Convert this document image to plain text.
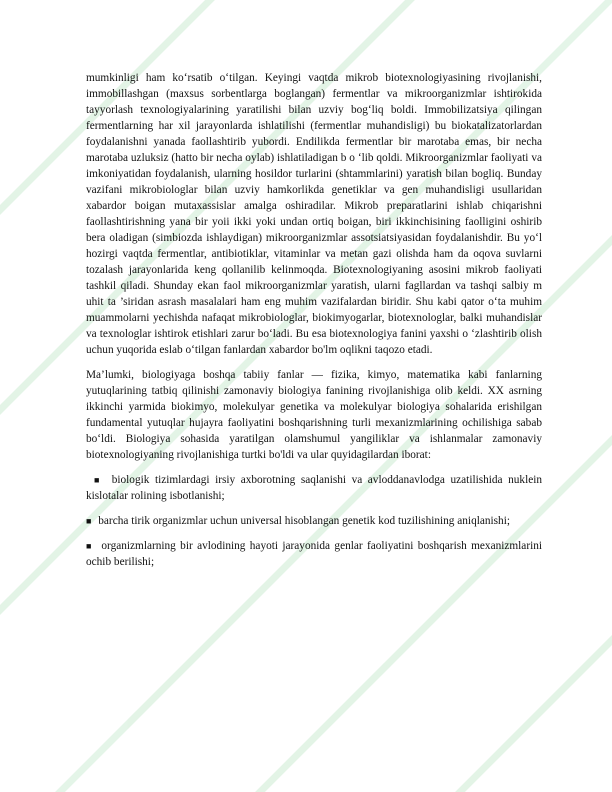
mumkinligi ham ko‘rsatib o‘tilgan. Keyingi vaqtda mikrob biotexnologiyasining rivojlanishi, immobillashgan (maxsus sorbentlarga boglangan) fermentlar va mikroorganizmlar ishtirokida tayyorlash texnologiyalarining yaratilishi bilan uzviy bog‘liq boldi. Immobilizatsiya qilingan fermentlarning har xil jarayonlarda ishlatilishi (fermentlar muhandisligi) bu biokatalizatorlardan foydalanishni yanada faollashtirib yubordi. Endilikda fermentlar bir marotaba emas, bir necha marotaba uzluksiz (hatto bir necha oylab) ishlatiladigan b o ‘lib qoldi. Mikroorganizmlar faoliyati va imkoniyatidan foydalanish, ularning hosildor turlarini (shtammlarini) yaratish bilan bogliq. Bunday vazifani mikrobiologlar bilan uzviy hamkorlikda genetiklar va gen muhandisligi usullaridan xabardor boigan mutaxassislar amalga oshiradilar. Mikrob preparatlarini ishlab chiqarishni faollashtirishning yana bir yoii ikki yoki undan ortiq boigan, biri ikkinchisining faolligini oshirib bera oladigan (simbiozda ishlaydigan) mikroorganizmlar assotsiatsiyasidan foydalanishdir. Bu yo‘l hozirgi vaqtda fermentlar, antibiotiklar, vitaminlar va metan gazi olishda ham da oqova suvlarni tozalash jarayonlarida keng qollanilib kelinmoqda. Biotexnologiyaning asosini mikrob faoliyati tashkil qiladi. Shunday ekan faol mikroorganizmlar yaratish, ularni fagllardan va tashqi salbiy m uhit ta ’siridan asrash masalalari ham eng muhim vazifalardan biridir. Shu kabi qator o‘ta muhim muammolarni yechishda nafaqat mikrobiologlar, biokimyogarlar, biotexnologlar, balki muhandislar va texnologlar ishtirok etishlari zarur bo‘ladi. Bu esa biotexnologiya fanini yaxshi o ‘zlashtirib olish uchun yuqorida eslab o‘tilgan fanlardan xabardor bo'lm oqlikni taqozo etadi.

Ma’lumki, biologiyaga boshqa tabiiy fanlar — fizika, kimyo, matematika kabi fanlarning yutuqlarining tatbiq qilinishi zamonaviy biologiya fanining rivojlanishiga olib keldi. XX asrning ikkinchi yarmida biokimyo, molekulyar genetika va molekulyar biologiya sohalarida erishilgan fundamental yutuqlar hujayra faoliyatini boshqarishning turli mexanizmlarining ochilishiga sabab bo‘ldi. Biologiya sohasida yaratilgan olamshumul yangiliklar va ishlanmalar zamonaviy biotexnologiyaning rivojlanishiga turtki bo'ldi va ular quyidagilardan iborat:

■ biologik tizimlardagi irsiy axborotning saqlanishi va avloddanavlodga uzatilishida nuklein kislotalar rolining isbotlanishi;
■ barcha tirik organizmlar uchun universal hisoblangan genetik kod tuzilishining aniqlanishi;
■ organizmlarning bir avlodining hayoti jarayonida genlar faoliyatini boshqarish mexanizmlarini ochib berilishi;
